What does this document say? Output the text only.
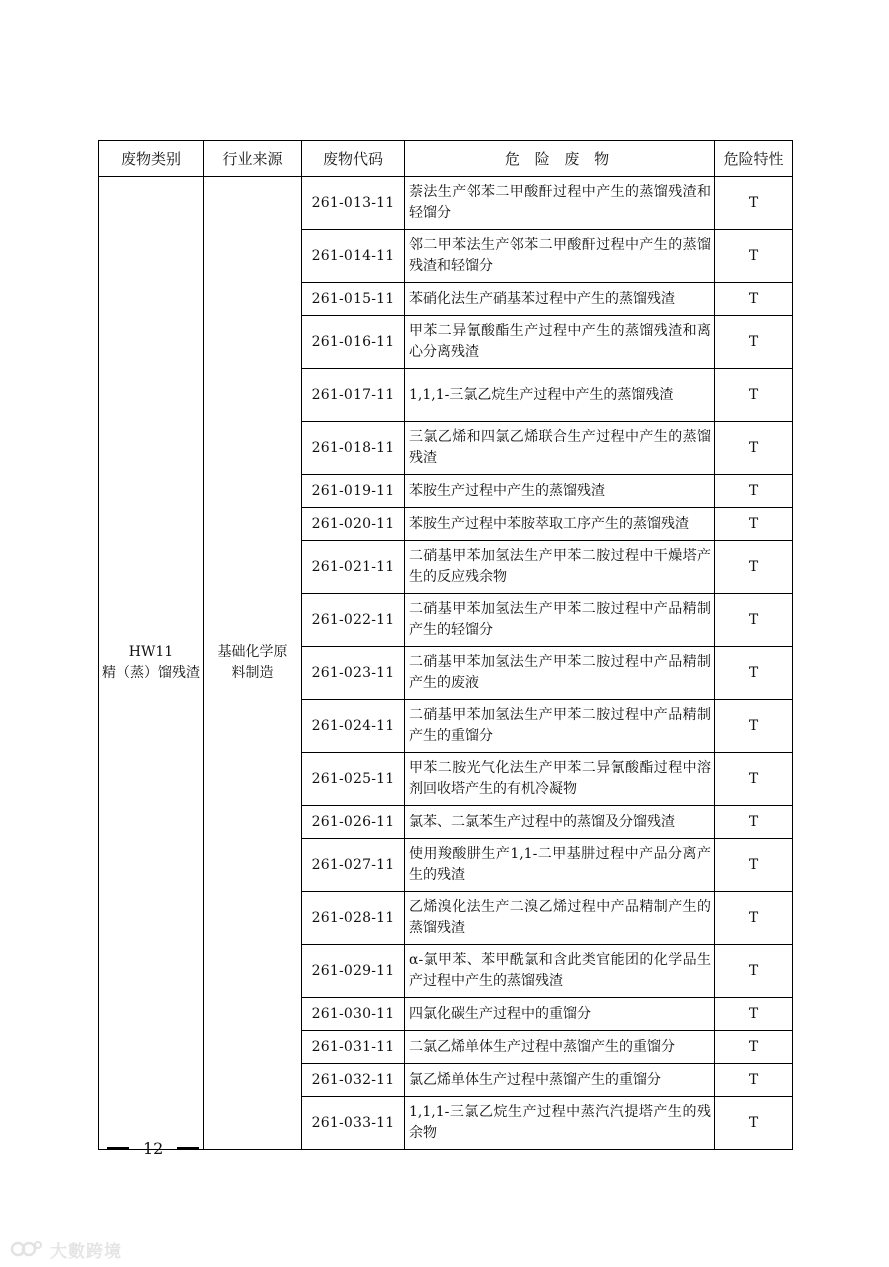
废物类别	行业来源	废物代码	危 险 废 物	危险特性

HW11
精（蒸）馏残渣	基础化学原料制造	261-013-11	萘法生产邻苯二甲酸酐过程中产生的蒸馏残渣和轻馏分	T
		261-014-11	邻二甲苯法生产邻苯二甲酸酐过程中产生的蒸馏残渣和轻馏分	T
		261-015-11	苯硝化法生产硝基苯过程中产生的蒸馏残渣	T
		261-016-11	甲苯二异氰酸酯生产过程中产生的蒸馏残渣和离心分离残渣	T
		261-017-11	1,1,1-三氯乙烷生产过程中产生的蒸馏残渣	T
		261-018-11	三氯乙烯和四氯乙烯联合生产过程中产生的蒸馏残渣	T
		261-019-11	苯胺生产过程中产生的蒸馏残渣	T
		261-020-11	苯胺生产过程中苯胺萃取工序产生的蒸馏残渣	T
		261-021-11	二硝基甲苯加氢法生产甲苯二胺过程中干燥塔产生的反应残余物	T
		261-022-11	二硝基甲苯加氢法生产甲苯二胺过程中产品精制产生的轻馏分	T
		261-023-11	二硝基甲苯加氢法生产甲苯二胺过程中产品精制产生的废液	T
		261-024-11	二硝基甲苯加氢法生产甲苯二胺过程中产品精制产生的重馏分	T
		261-025-11	甲苯二胺光气化法生产甲苯二异氰酸酯过程中溶剂回收塔产生的有机冷凝物	T
		261-026-11	氯苯、二氯苯生产过程中的蒸馏及分馏残渣	T
		261-027-11	使用羧酸肼生产1,1-二甲基肼过程中产品分离产生的残渣	T
		261-028-11	乙烯溴化法生产二溴乙烯过程中产品精制产生的蒸馏残渣	T
		261-029-11	α-氯甲苯、苯甲酰氯和含此类官能团的化学品生产过程中产生的蒸馏残渣	T
		261-030-11	四氯化碳生产过程中的重馏分	T
		261-031-11	二氯乙烯单体生产过程中蒸馏产生的重馏分	T
		261-032-11	氯乙烯单体生产过程中蒸馏产生的重馏分	T
		261-033-11	1,1,1-三氯乙烷生产过程中蒸汽汽提塔产生的残余物	T
12
大數跨境
